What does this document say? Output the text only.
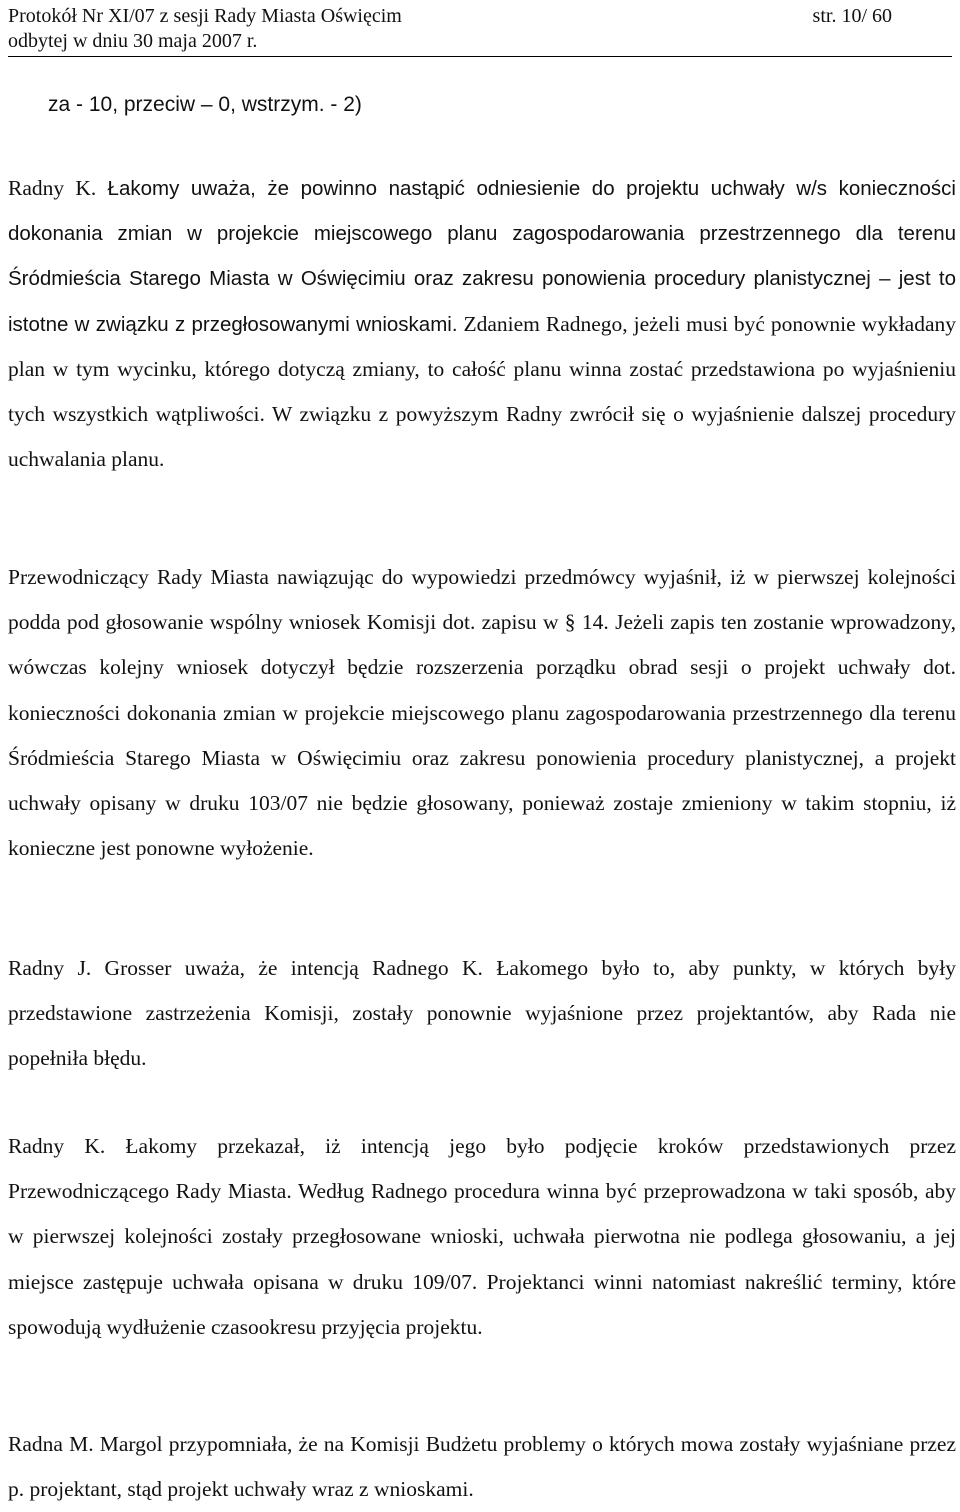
Protokół Nr XI/07 z sesji Rady Miasta Oświęcim	str. 10/ 60
odbytej w dniu 30 maja 2007 r.
za - 10, przeciw – 0, wstrzym. - 2)

Radny K. Łakomy uważa, że powinno nastąpić odniesienie do projektu uchwały w/s konieczności dokonania zmian w projekcie miejscowego planu zagospodarowania przestrzennego dla terenu Śródmieścia Starego Miasta w Oświęcimiu oraz zakresu ponowienia procedury planistycznej – jest to istotne w związku z przegłosowanymi wnioskami. Zdaniem Radnego, jeżeli musi być ponownie wykładany plan w tym wycinku, którego dotyczą zmiany, to całość planu winna zostać przedstawiona po wyjaśnieniu tych wszystkich wątpliwości. W związku z powyższym Radny zwrócił się o wyjaśnienie dalszej procedury uchwalania planu.

Przewodniczący Rady Miasta nawiązując do wypowiedzi przedmówcy wyjaśnił, iż w pierwszej kolejności podda pod głosowanie wspólny wniosek Komisji dot. zapisu w § 14. Jeżeli zapis ten zostanie wprowadzony, wówczas kolejny wniosek dotyczył będzie rozszerzenia porządku obrad sesji o projekt uchwały dot. konieczności dokonania zmian w projekcie miejscowego planu zagospodarowania przestrzennego dla terenu Śródmieścia Starego Miasta w Oświęcimiu oraz zakresu ponowienia procedury planistycznej, a projekt uchwały opisany w druku 103/07 nie będzie głosowany, ponieważ zostaje zmieniony w takim stopniu, iż konieczne jest ponowne wyłożenie.

Radny J. Grosser uważa, że intencją Radnego K. Łakomego było to, aby punkty, w których były przedstawione zastrzeżenia Komisji, zostały ponownie wyjaśnione przez projektantów, aby Rada nie popełniła błędu.

Radny K. Łakomy przekazał, iż intencją jego było podjęcie kroków przedstawionych przez Przewodniczącego Rady Miasta. Według Radnego procedura winna być przeprowadzona w taki sposób, aby w pierwszej kolejności zostały przegłosowane wnioski, uchwała pierwotna nie podlega głosowaniu, a jej miejsce zastępuje uchwała opisana w druku 109/07. Projektanci winni natomiast nakreślić terminy, które spowodują wydłużenie czasookresu przyjęcia projektu.

Radna M. Margol przypomniała, że na Komisji Budżetu problemy o których mowa zostały wyjaśniane przez p. projektant, stąd projekt uchwały wraz z wnioskami.
